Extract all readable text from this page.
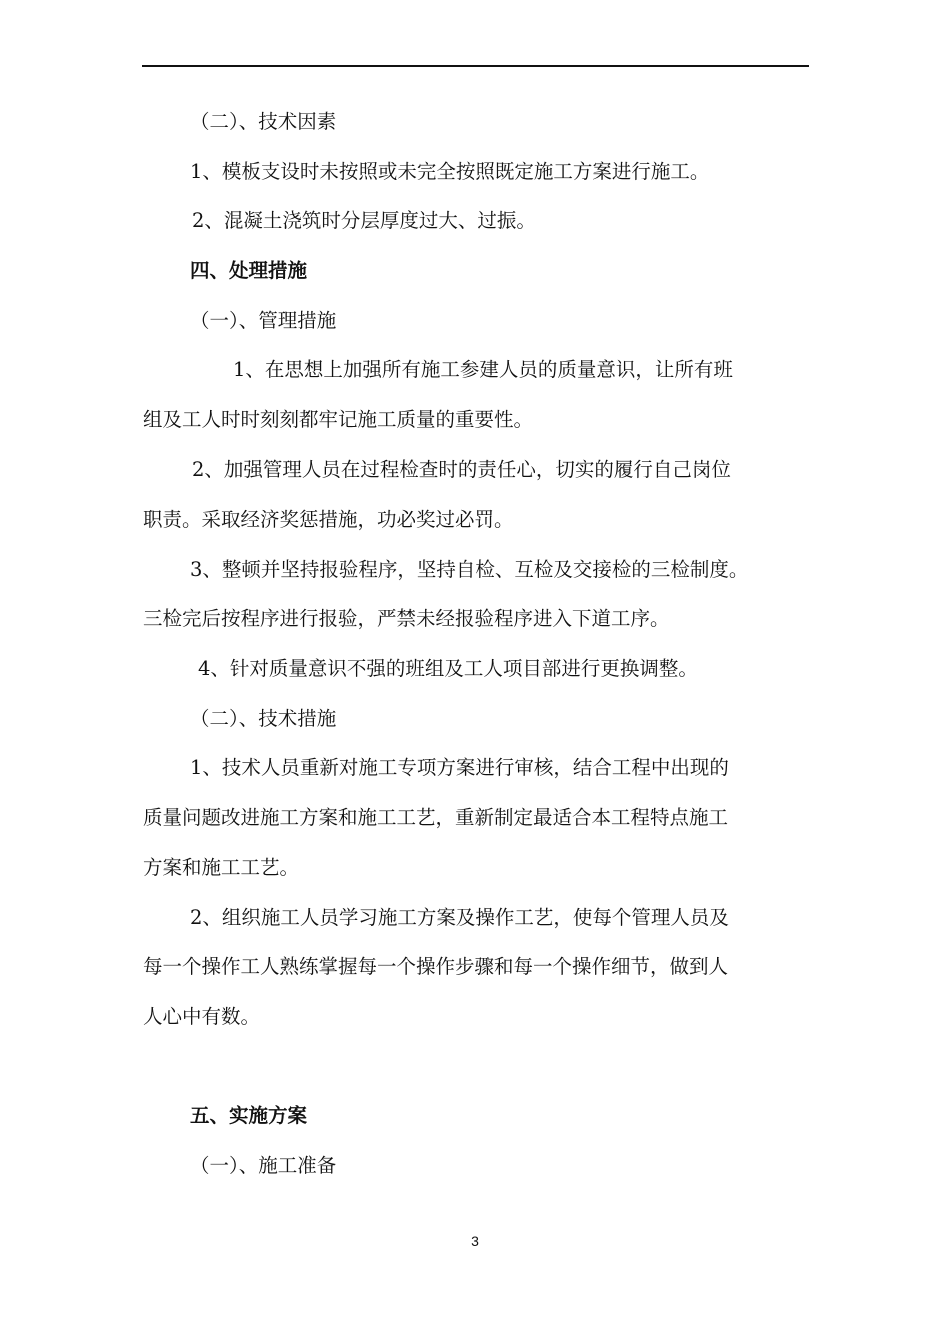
（二）、技术因素
1、模板支设时未按照或未完全按照既定施工方案进行施工。
2、混凝土浇筑时分层厚度过大、过振。
四、处理措施
（一）、管理措施
1、在思想上加强所有施工参建人员的质量意识，让所有班
组及工人时时刻刻都牢记施工质量的重要性。
2、加强管理人员在过程检查时的责任心，切实的履行自己岗位
职责。采取经济奖惩措施，功必奖过必罚。
3、整顿并坚持报验程序，坚持自检、互检及交接检的三检制度。
三检完后按程序进行报验，严禁未经报验程序进入下道工序。
4、针对质量意识不强的班组及工人项目部进行更换调整。
（二）、技术措施
1、技术人员重新对施工专项方案进行审核，结合工程中出现的
质量问题改进施工方案和施工工艺，重新制定最适合本工程特点施工
方案和施工工艺。
2、组织施工人员学习施工方案及操作工艺，使每个管理人员及
每一个操作工人熟练掌握每一个操作步骤和每一个操作细节，做到人
人心中有数。
五、实施方案
（一）、施工准备
3
